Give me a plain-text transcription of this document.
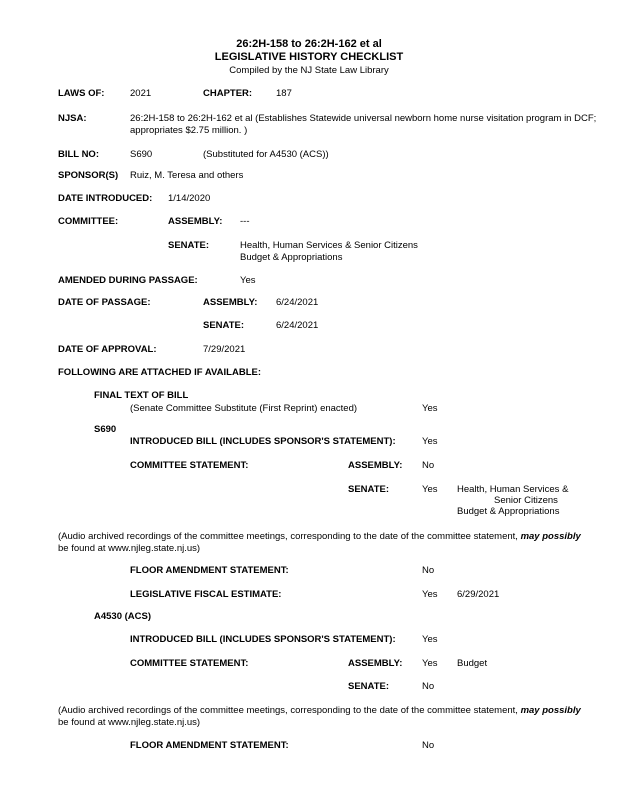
26:2H-158 to 26:2H-162 et al
LEGISLATIVE HISTORY CHECKLIST
Compiled by the NJ State Law Library
LAWS OF:	2021	CHAPTER:	187
NJSA:	26:2H-158 to 26:2H-162 et al (Establishes Statewide universal newborn home nurse visitation program in DCF; appropriates $2.75 million. )
BILL NO:	S690	(Substituted for A4530 (ACS))
SPONSOR(S) Ruiz, M. Teresa and others
DATE INTRODUCED: 1/14/2020
COMMITTEE:	ASSEMBLY: ---
SENATE:	Health, Human Services & Senior Citizens
Budget & Appropriations
AMENDED DURING PASSAGE:	Yes
DATE OF PASSAGE:	ASSEMBLY: 6/24/2021
SENATE:	6/24/2021
DATE OF APPROVAL:	7/29/2021
FOLLOWING ARE ATTACHED IF AVAILABLE:
FINAL TEXT OF BILL
(Senate Committee Substitute (First Reprint) enacted)	Yes
S690
INTRODUCED BILL (INCLUDES SPONSOR'S STATEMENT):	Yes
COMMITTEE STATEMENT:	ASSEMBLY: No
SENATE:	Yes Health, Human Services &
Senior Citizens
Budget & Appropriations
(Audio archived recordings of the committee meetings, corresponding to the date of the committee statement, may possibly
be found at www.njleg.state.nj.us)
FLOOR AMENDMENT STATEMENT:	No
LEGISLATIVE FISCAL ESTIMATE:	Yes 6/29/2021
A4530 (ACS)
INTRODUCED BILL (INCLUDES SPONSOR'S STATEMENT):	Yes
COMMITTEE STATEMENT:	ASSEMBLY: Yes Budget
SENATE:	No
(Audio archived recordings of the committee meetings, corresponding to the date of the committee statement, may possibly
be found at www.njleg.state.nj.us)
FLOOR AMENDMENT STATEMENT:	No
